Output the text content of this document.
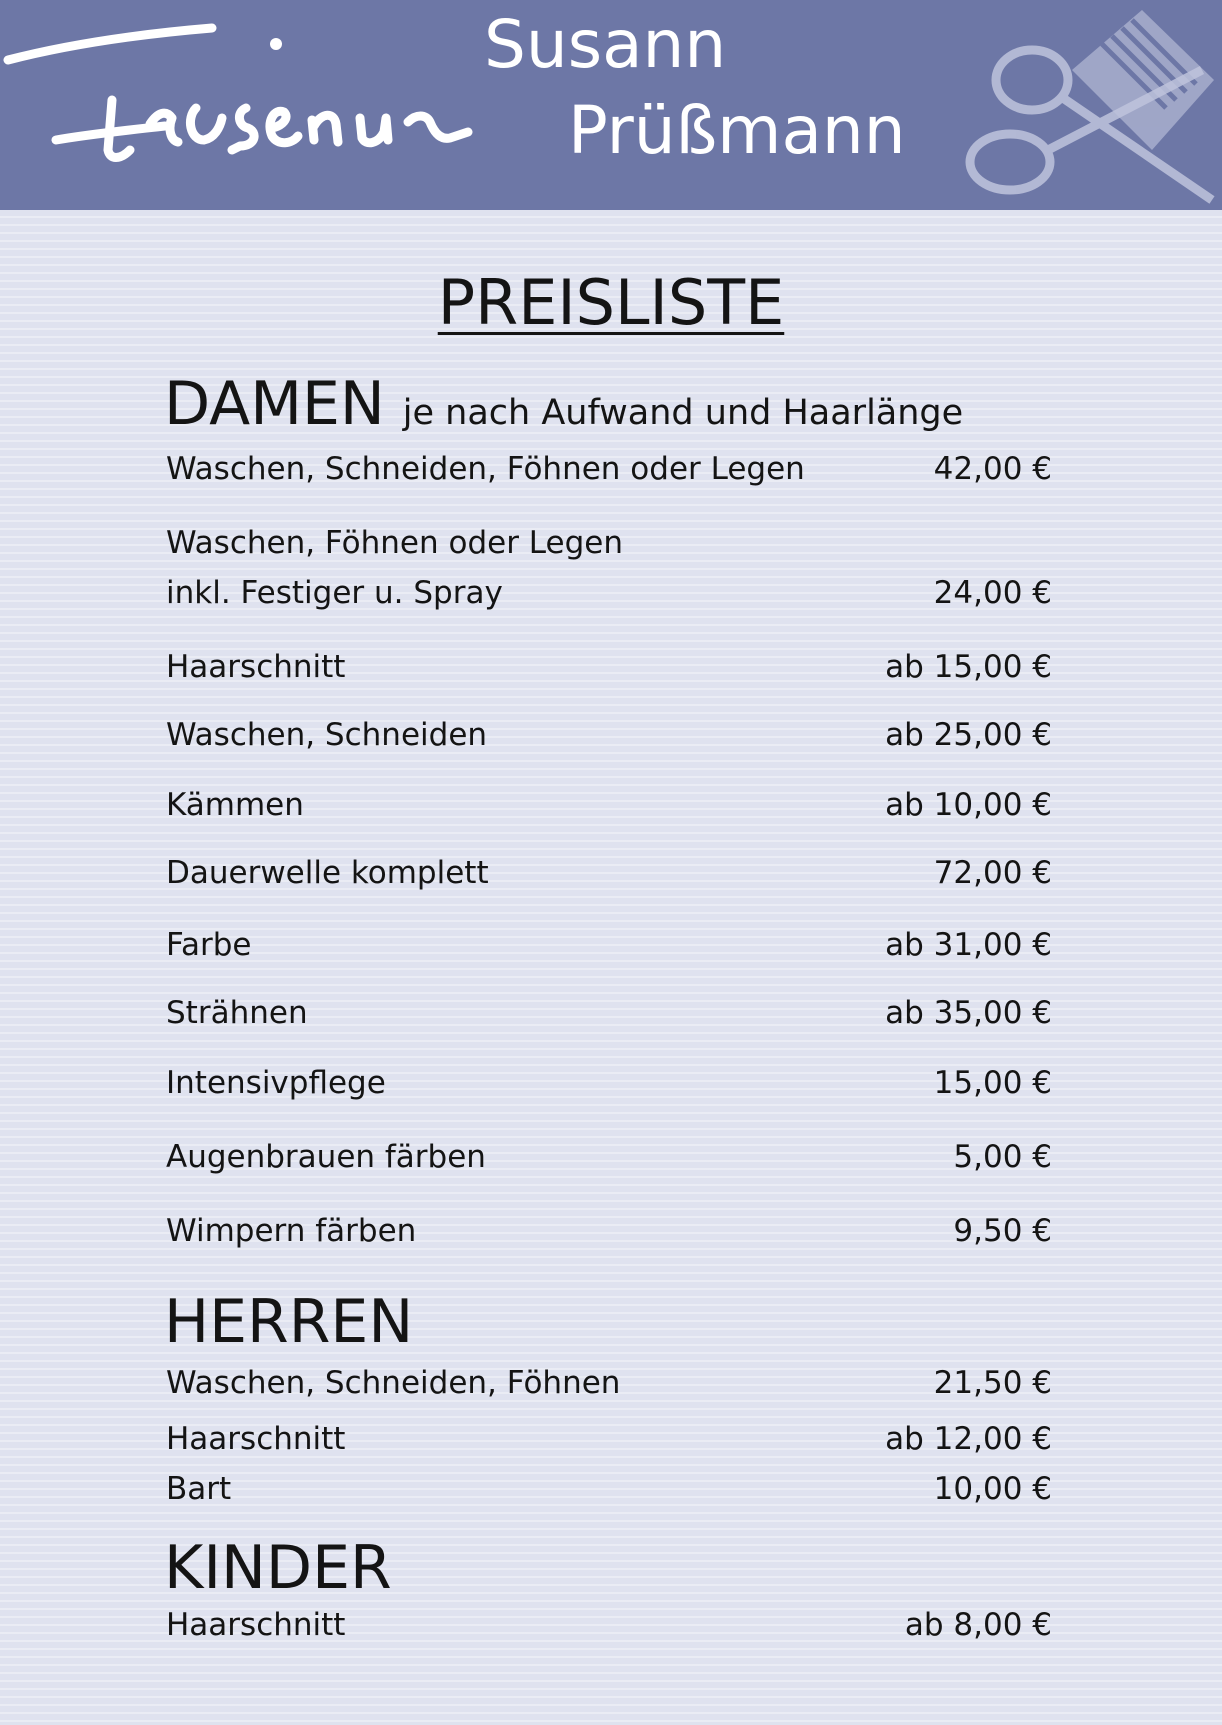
Susann
Prüßmann
PREISLISTE
DAMEN je nach Aufwand und Haarlänge
Waschen, Schneiden, Föhnen oder Legen	42,00 €
Waschen, Föhnen oder Legen
inkl. Festiger u. Spray	24,00 €
Haarschnitt	ab 15,00 €
Waschen, Schneiden	ab 25,00 €
Kämmen	ab 10,00 €
Dauerwelle komplett	72,00 €
Farbe	ab 31,00 €
Strähnen	ab 35,00 €
Intensivpflege	15,00 €
Augenbrauen färben	5,00 €
Wimpern färben	9,50 €
HERREN
Waschen, Schneiden, Föhnen	21,50 €
Haarschnitt	ab 12,00 €
Bart	10,00 €
KINDER
Haarschnitt	ab 8,00 €
